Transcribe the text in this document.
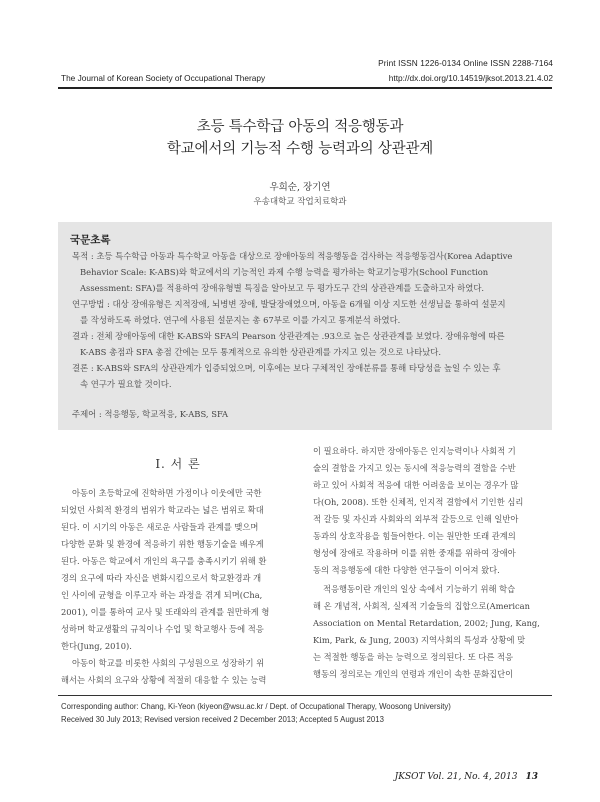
Print ISSN 1226-0134 Online ISSN 2288-7164
The Journal of Korean Society of Occupational Therapy	http://dx.doi.org/10.14519/jksot.2013.21.4.02
초등 특수학급 아동의 적응행동과
학교에서의 기능적 수행 능력과의 상관관계
우희순, 장기연
우송대학교 작업치료학과
국문초록
목적 : 초등 특수학급 아동과 특수학교 아동을 대상으로 장애아동의 적응행동을 검사하는 적응행동검사(Korea Adaptive
Behavior Scale: K-ABS)와 학교에서의 기능적인 과제 수행 능력을 평가하는 학교기능평가(School Function
Assessment: SFA)를 적용하여 장애유형별 특징을 알아보고 두 평가도구 간의 상관관계를 도출하고자 하였다.
연구방법 : 대상 장애유형은 지적장애, 뇌병변 장애, 발달장애였으며, 아동을 6개월 이상 지도한 선생님을 통하여 설문지
를 작성하도록 하였다. 연구에 사용된 설문지는 총 67부로 이를 가지고 통계분석 하였다.
결과 : 전체 장애아동에 대한 K-ABS와 SFA의 Pearson 상관관계는 .93으로 높은 상관관계를 보였다. 장애유형에 따른
K-ABS 총점과 SFA 총점 간에는 모두 통계적으로 유의한 상관관계를 가지고 있는 것으로 나타났다.
결론 : K-ABS와 SFA의 상관관계가 입증되었으며, 이후에는 보다 구체적인 장애분류를 통해 타당성을 높일 수 있는 후
속 연구가 필요할 것이다.
주제어 : 적응행동, 학교적응, K-ABS, SFA
Ⅰ. 서 론
아동이 초등학교에 진학하면 가정이나 이웃에만 국한
되었던 사회적 환경의 범위가 학교라는 넓은 범위로 확대
된다. 이 시기의 아동은 새로운 사람들과 관계를 맺으며
다양한 문화 및 환경에 적응하기 위한 행동기술을 배우게
된다. 아동은 학교에서 개인의 욕구를 충족시키기 위해 환
경의 요구에 따라 자신을 변화시킴으로서 학교환경과 개
인 사이에 균형을 이루고자 하는 과정을 겪게 되며(Cha,
2001), 이를 통하여 교사 및 또래와의 관계를 원만하게 형
성하며 학교생활의 규칙이나 수업 및 학교행사 등에 적응
한다(Jung, 2010).
아동이 학교를 비롯한 사회의 구성원으로 성장하기 위
해서는 사회의 요구와 상황에 적절히 대응할 수 있는 능력
이 필요하다. 하지만 장애아동은 인지능력이나 사회적 기
술의 결함을 가지고 있는 동시에 적응능력의 결함을 수반
하고 있어 사회적 적응에 대한 어려움을 보이는 경우가 많
다(Oh, 2008). 또한 신체적, 인지적 결함에서 기인한 심리
적 갈등 및 자신과 사회와의 외부적 갈등으로 인해 일반아
동과의 상호작용을 힘들어한다. 이는 원만한 또래 관계의
형성에 장애로 작용하며 이를 위한 중재를 위하여 장애아
동의 적응행동에 대한 다양한 연구들이 이어져 왔다.
적응행동이란 개인의 일상 속에서 기능하기 위해 학습
해 온 개념적, 사회적, 실제적 기술들의 집합으로(American
Association on Mental Retardation, 2002; Jung, Kang,
Kim, Park, & Jung, 2003) 지역사회의 특성과 상황에 맞
는 적절한 행동을 하는 능력으로 정의된다. 또 다른 적응
행동의 정의로는 개인의 연령과 개인이 속한 문화집단이
Corresponding author: Chang, Ki-Yeon (kiyeon@wsu.ac.kr / Dept. of Occupational Therapy, Woosong University)
Received 30 July 2013; Revised version received 2 December 2013; Accepted 5 August 2013
JKSOT Vol. 21, No. 4, 2013 13
